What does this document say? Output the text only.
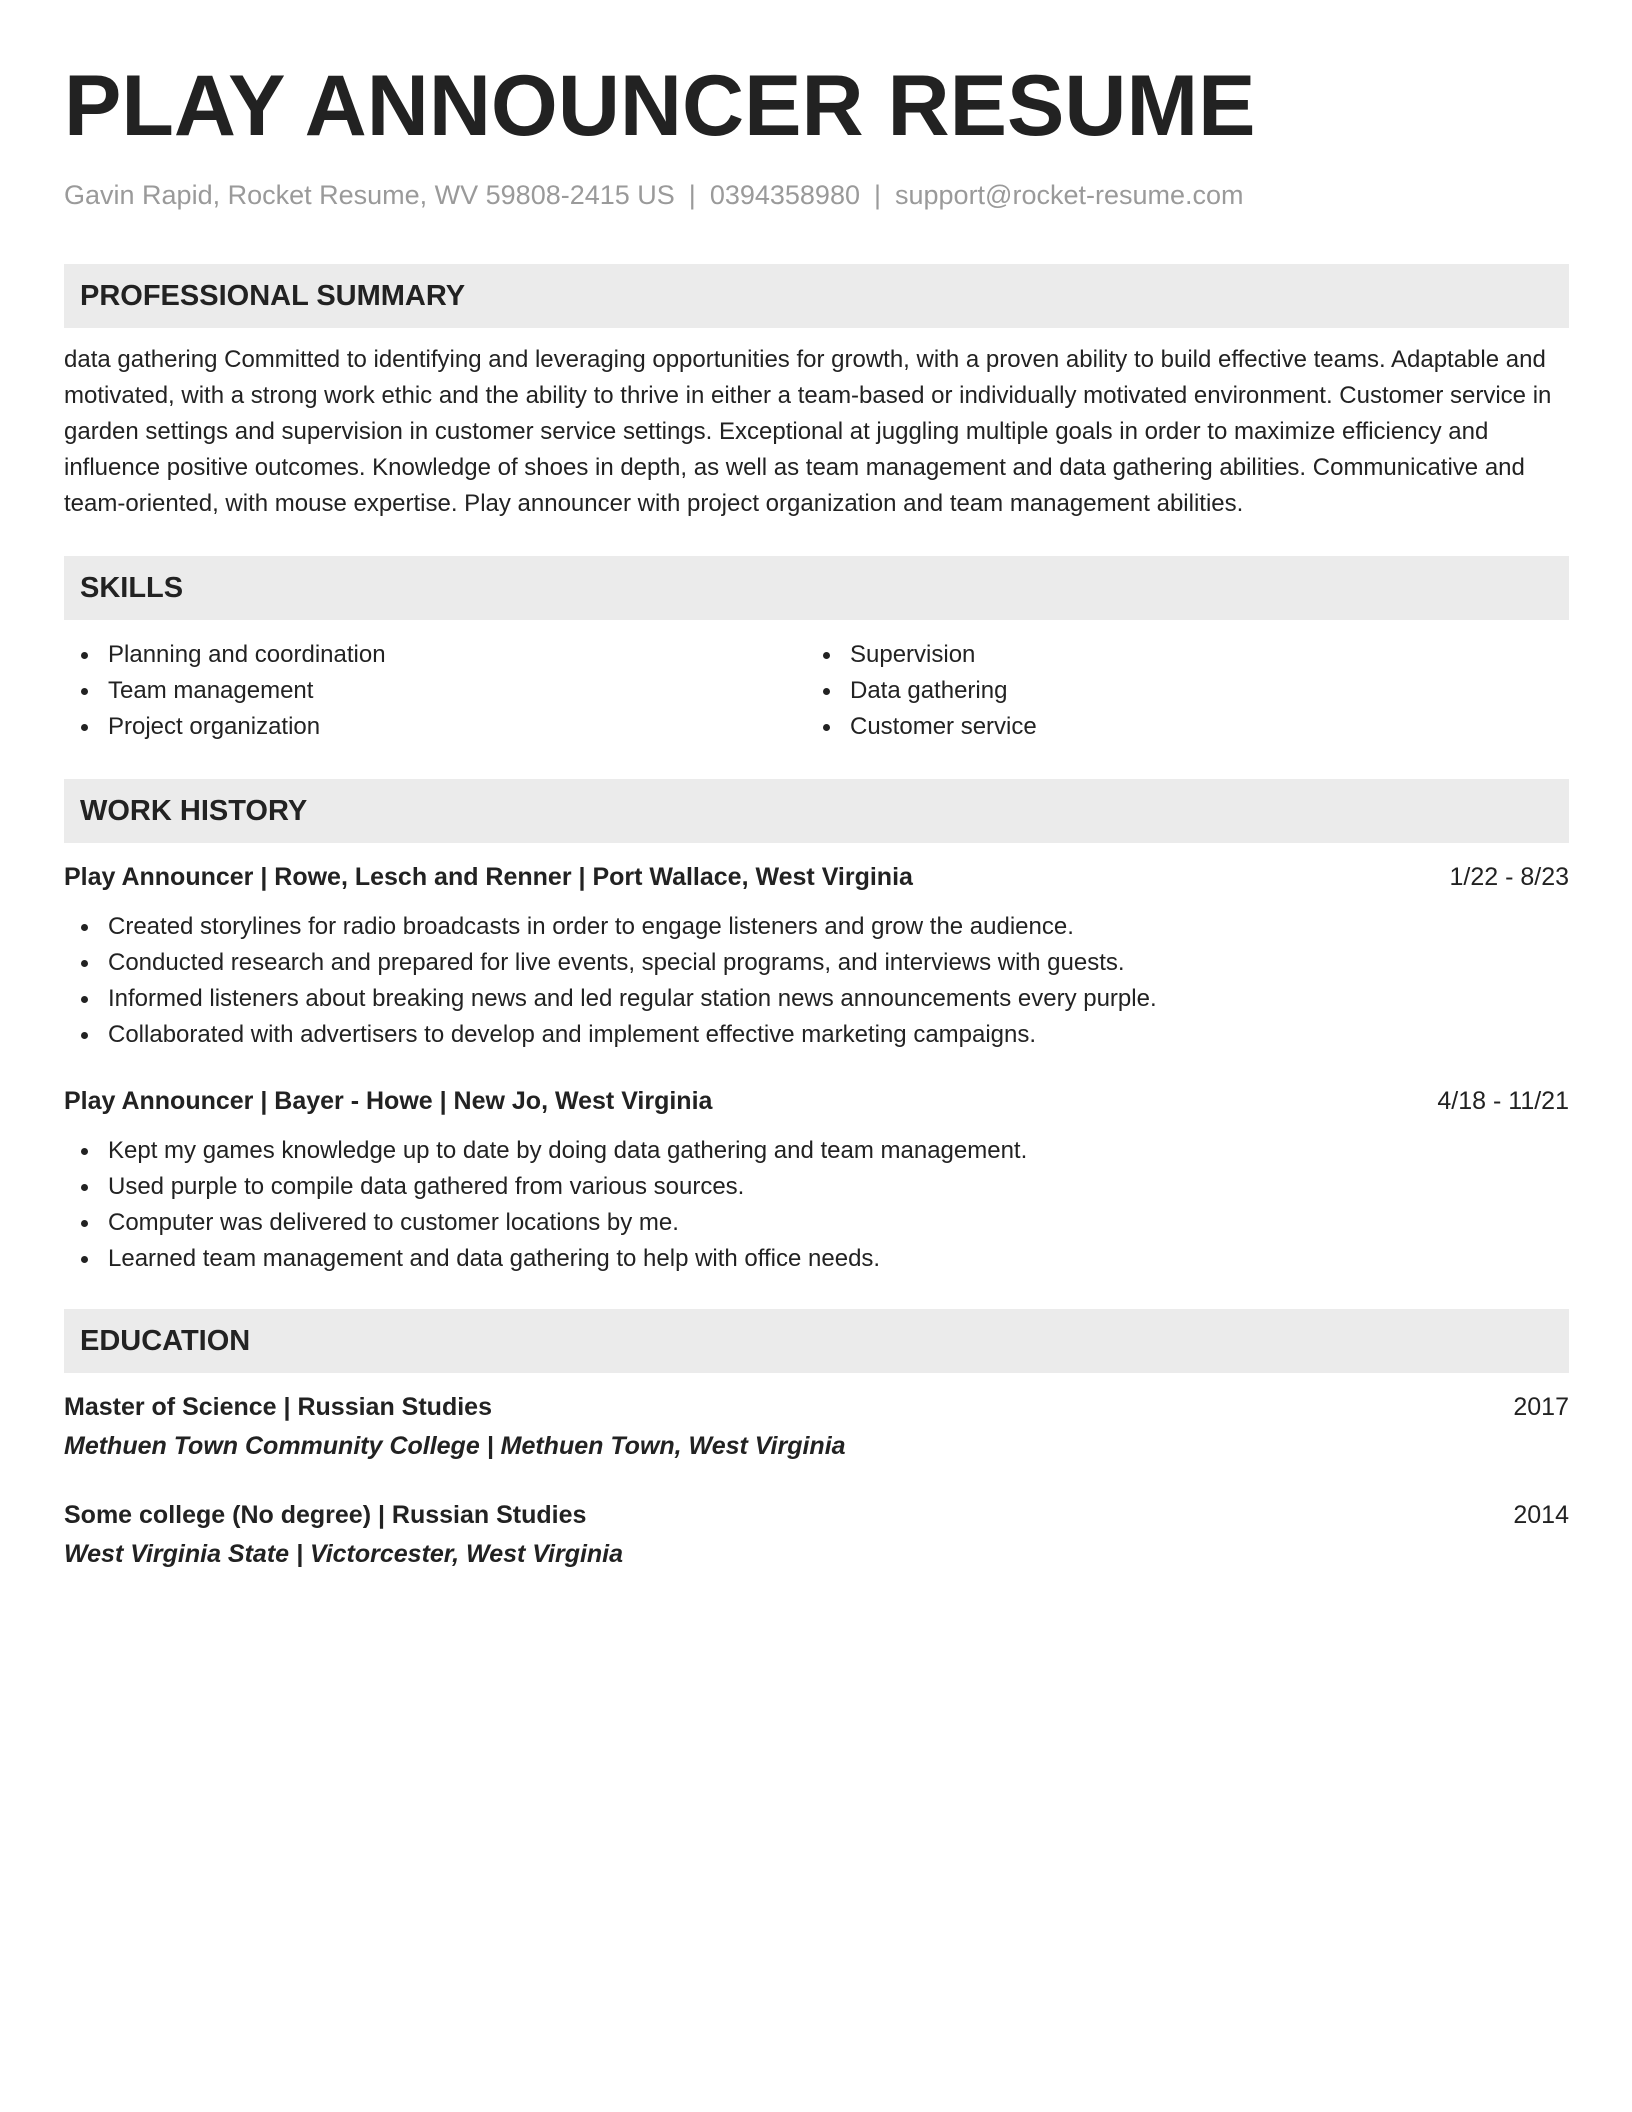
PLAY ANNOUNCER RESUME
Gavin Rapid, Rocket Resume, WV 59808-2415 US | 0394358980 | support@rocket-resume.com
PROFESSIONAL SUMMARY
data gathering Committed to identifying and leveraging opportunities for growth, with a proven ability to build effective teams. Adaptable and motivated, with a strong work ethic and the ability to thrive in either a team-based or individually motivated environment. Customer service in garden settings and supervision in customer service settings. Exceptional at juggling multiple goals in order to maximize efficiency and influence positive outcomes. Knowledge of shoes in depth, as well as team management and data gathering abilities. Communicative and team-oriented, with mouse expertise. Play announcer with project organization and team management abilities.
SKILLS
Planning and coordination
Team management
Project organization
Supervision
Data gathering
Customer service
WORK HISTORY
Play Announcer | Rowe, Lesch and Renner | Port Wallace, West Virginia	1/22 - 8/23
Created storylines for radio broadcasts in order to engage listeners and grow the audience.
Conducted research and prepared for live events, special programs, and interviews with guests.
Informed listeners about breaking news and led regular station news announcements every purple.
Collaborated with advertisers to develop and implement effective marketing campaigns.
Play Announcer | Bayer - Howe | New Jo, West Virginia	4/18 - 11/21
Kept my games knowledge up to date by doing data gathering and team management.
Used purple to compile data gathered from various sources.
Computer was delivered to customer locations by me.
Learned team management and data gathering to help with office needs.
EDUCATION
Master of Science | Russian Studies	2017
Methuen Town Community College | Methuen Town, West Virginia
Some college (No degree) | Russian Studies	2014
West Virginia State | Victorcester, West Virginia
